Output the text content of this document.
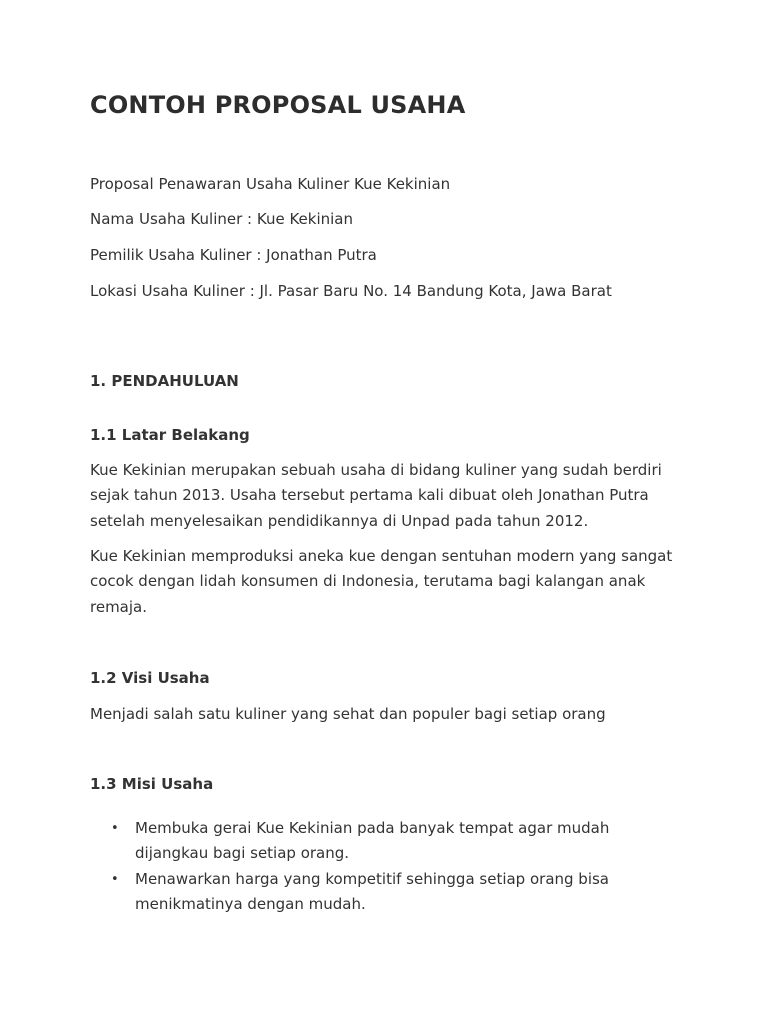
CONTOH PROPOSAL USAHA

Proposal Penawaran Usaha Kuliner Kue Kekinian

Nama Usaha Kuliner : Kue Kekinian

Pemilik Usaha Kuliner : Jonathan Putra

Lokasi Usaha Kuliner : Jl. Pasar Baru No. 14 Bandung Kota, Jawa Barat

1. PENDAHULUAN
1.1 Latar Belakang

Kue Kekinian merupakan sebuah usaha di bidang kuliner yang sudah berdiri sejak tahun 2013. Usaha tersebut pertama kali dibuat oleh Jonathan Putra setelah menyelesaikan pendidikannya di Unpad pada tahun 2012.

Kue Kekinian memproduksi aneka kue dengan sentuhan modern yang sangat cocok dengan lidah konsumen di Indonesia, terutama bagi kalangan anak remaja.

1.2 Visi Usaha

Menjadi salah satu kuliner yang sehat dan populer bagi setiap orang

1.3 Misi Usaha
• Membuka gerai Kue Kekinian pada banyak tempat agar mudah dijangkau bagi setiap orang.
• Menawarkan harga yang kompetitif sehingga setiap orang bisa menikmatinya dengan mudah.
